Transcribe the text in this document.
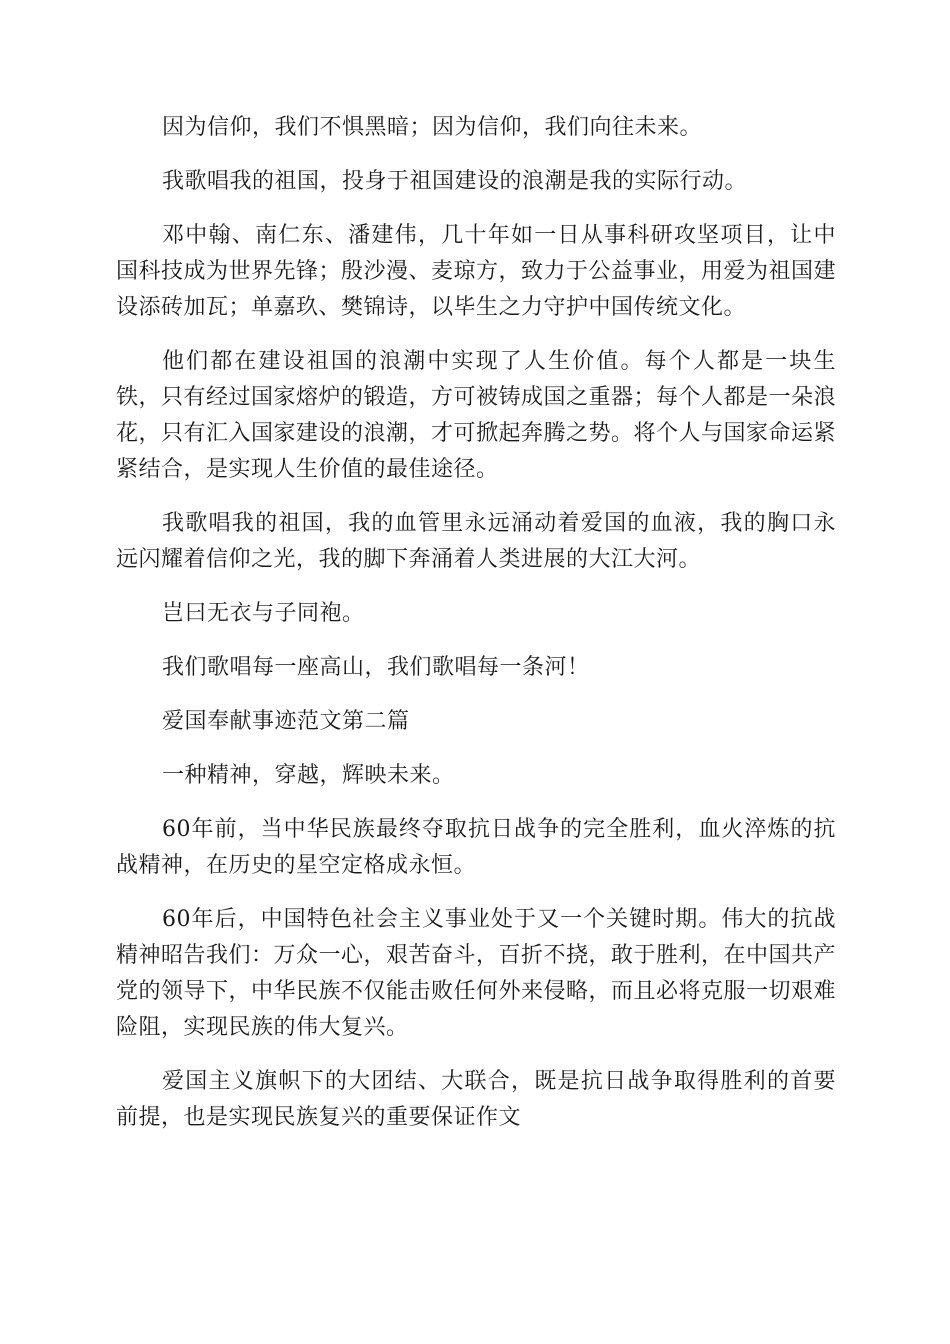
因为信仰，我们不惧黑暗；因为信仰，我们向往未来。

我歌唱我的祖国，投身于祖国建设的浪潮是我的实际行动。

邓中翰、南仁东、潘建伟，几十年如一日从事科研攻坚项目，让中国科技成为世界先锋；殷沙漫、麦琼方，致力于公益事业，用爱为祖国建设添砖加瓦；单嘉玖、樊锦诗，以毕生之力守护中国传统文化。

他们都在建设祖国的浪潮中实现了人生价值。每个人都是一块生铁，只有经过国家熔炉的锻造，方可被铸成国之重器；每个人都是一朵浪花，只有汇入国家建设的浪潮，才可掀起奔腾之势。将个人与国家命运紧紧结合，是实现人生价值的最佳途径。

我歌唱我的祖国，我的血管里永远涌动着爱国的血液，我的胸口永远闪耀着信仰之光，我的脚下奔涌着人类进展的大江大河。

岂曰无衣与子同袍。

我们歌唱每一座高山，我们歌唱每一条河！

爱国奉献事迹范文第二篇

一种精神，穿越，辉映未来。

60年前，当中华民族最终夺取抗日战争的完全胜利，血火淬炼的抗战精神，在历史的星空定格成永恒。

60年后，中国特色社会主义事业处于又一个关键时期。伟大的抗战精神昭告我们：万众一心，艰苦奋斗，百折不挠，敢于胜利，在中国共产党的领导下，中华民族不仅能击败任何外来侵略，而且必将克服一切艰难险阻，实现民族的伟大复兴。

爱国主义旗帜下的大团结、大联合，既是抗日战争取得胜利的首要前提，也是实现民族复兴的重要保证作文
